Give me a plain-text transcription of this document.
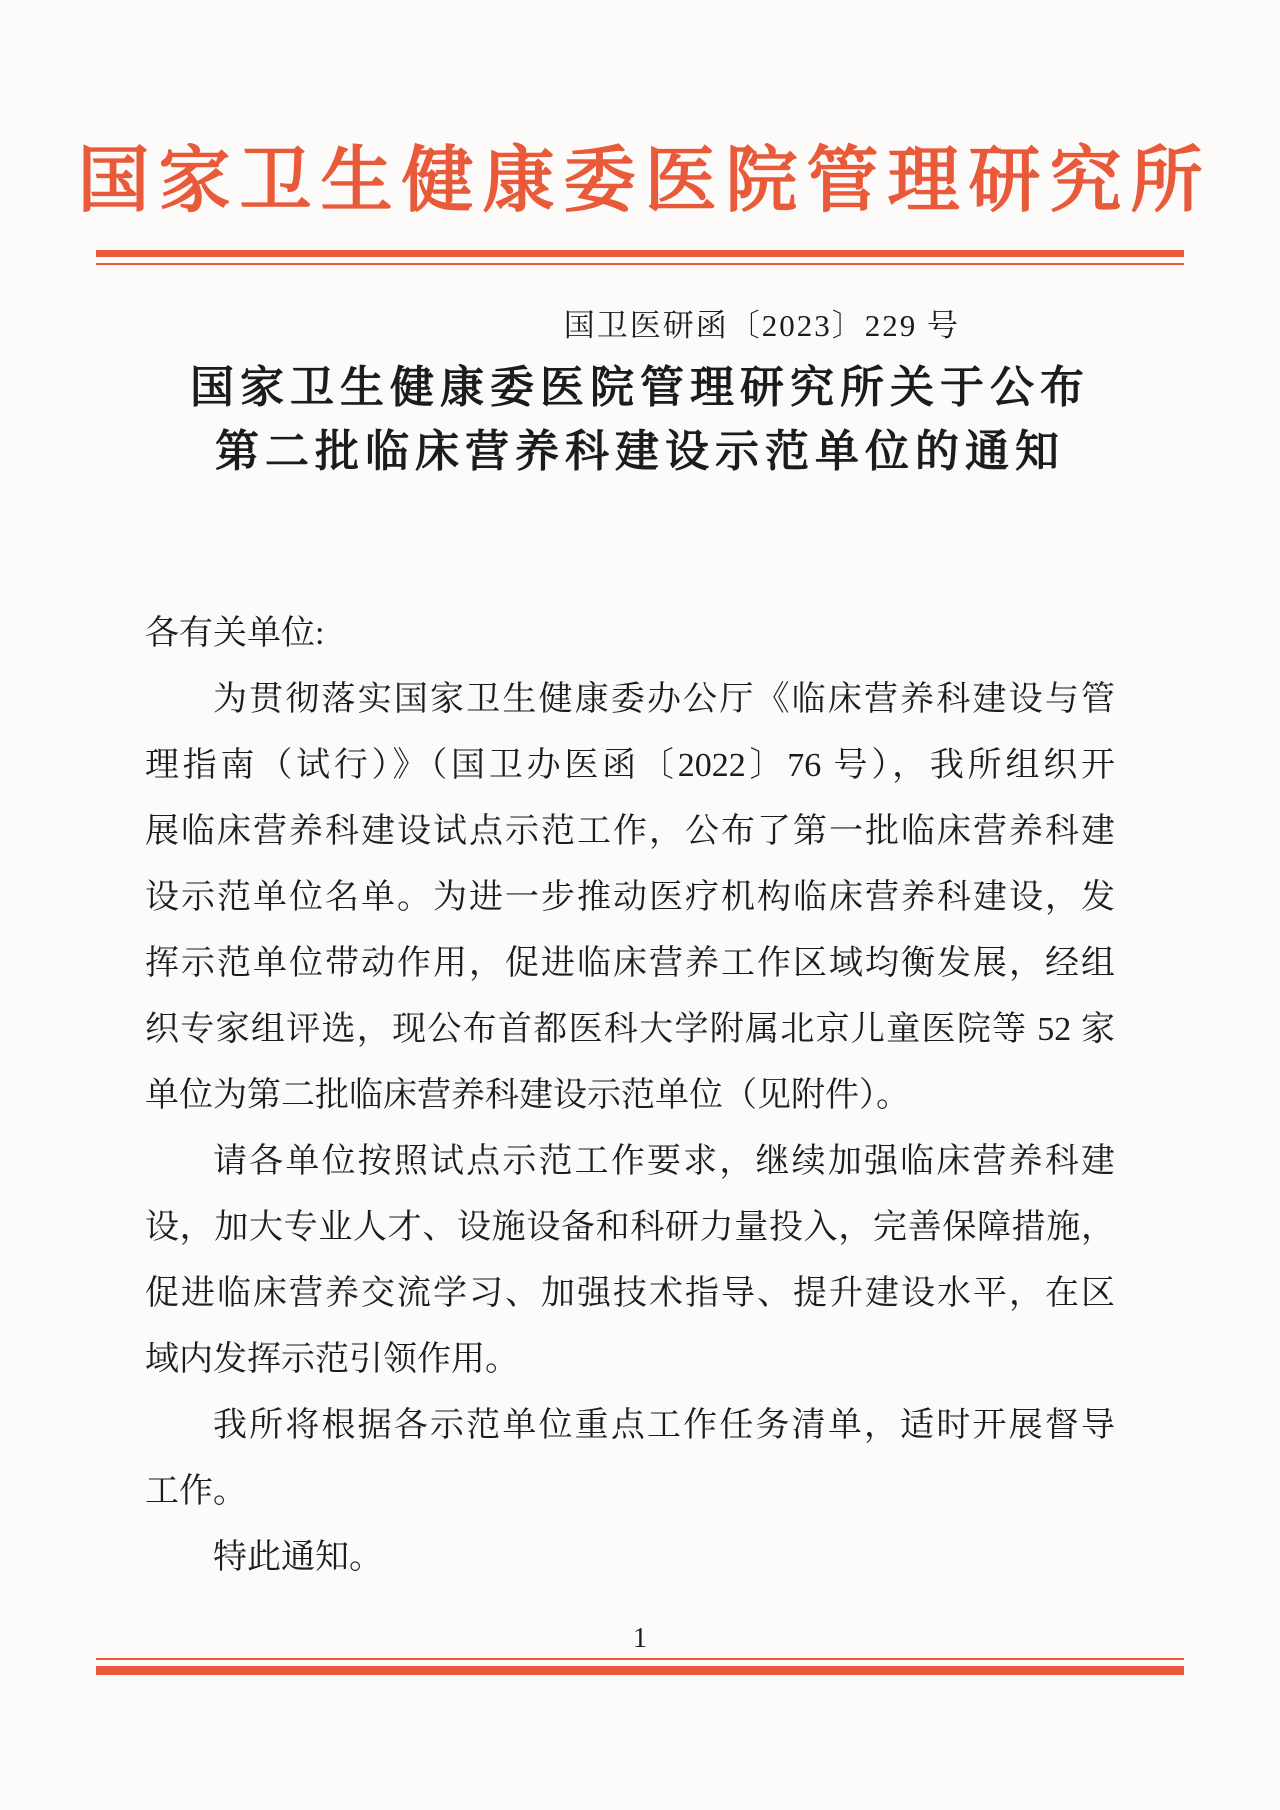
国家卫生健康委医院管理研究所
国卫医研函〔2023〕229 号
国家卫生健康委医院管理研究所关于公布
第二批临床营养科建设示范单位的通知
各有关单位:
为贯彻落实国家卫生健康委办公厅《临床营养科建设与管
理指南（试行）》（国卫办医函〔2022〕76 号），我所组织开
展临床营养科建设试点示范工作，公布了第一批临床营养科建
设示范单位名单。为进一步推动医疗机构临床营养科建设，发
挥示范单位带动作用，促进临床营养工作区域均衡发展，经组
织专家组评选，现公布首都医科大学附属北京儿童医院等 52 家
单位为第二批临床营养科建设示范单位（见附件）。
请各单位按照试点示范工作要求，继续加强临床营养科建
设，加大专业人才、设施设备和科研力量投入，完善保障措施，
促进临床营养交流学习、加强技术指导、提升建设水平，在区
域内发挥示范引领作用。
我所将根据各示范单位重点工作任务清单，适时开展督导
工作。
特此通知。
1
